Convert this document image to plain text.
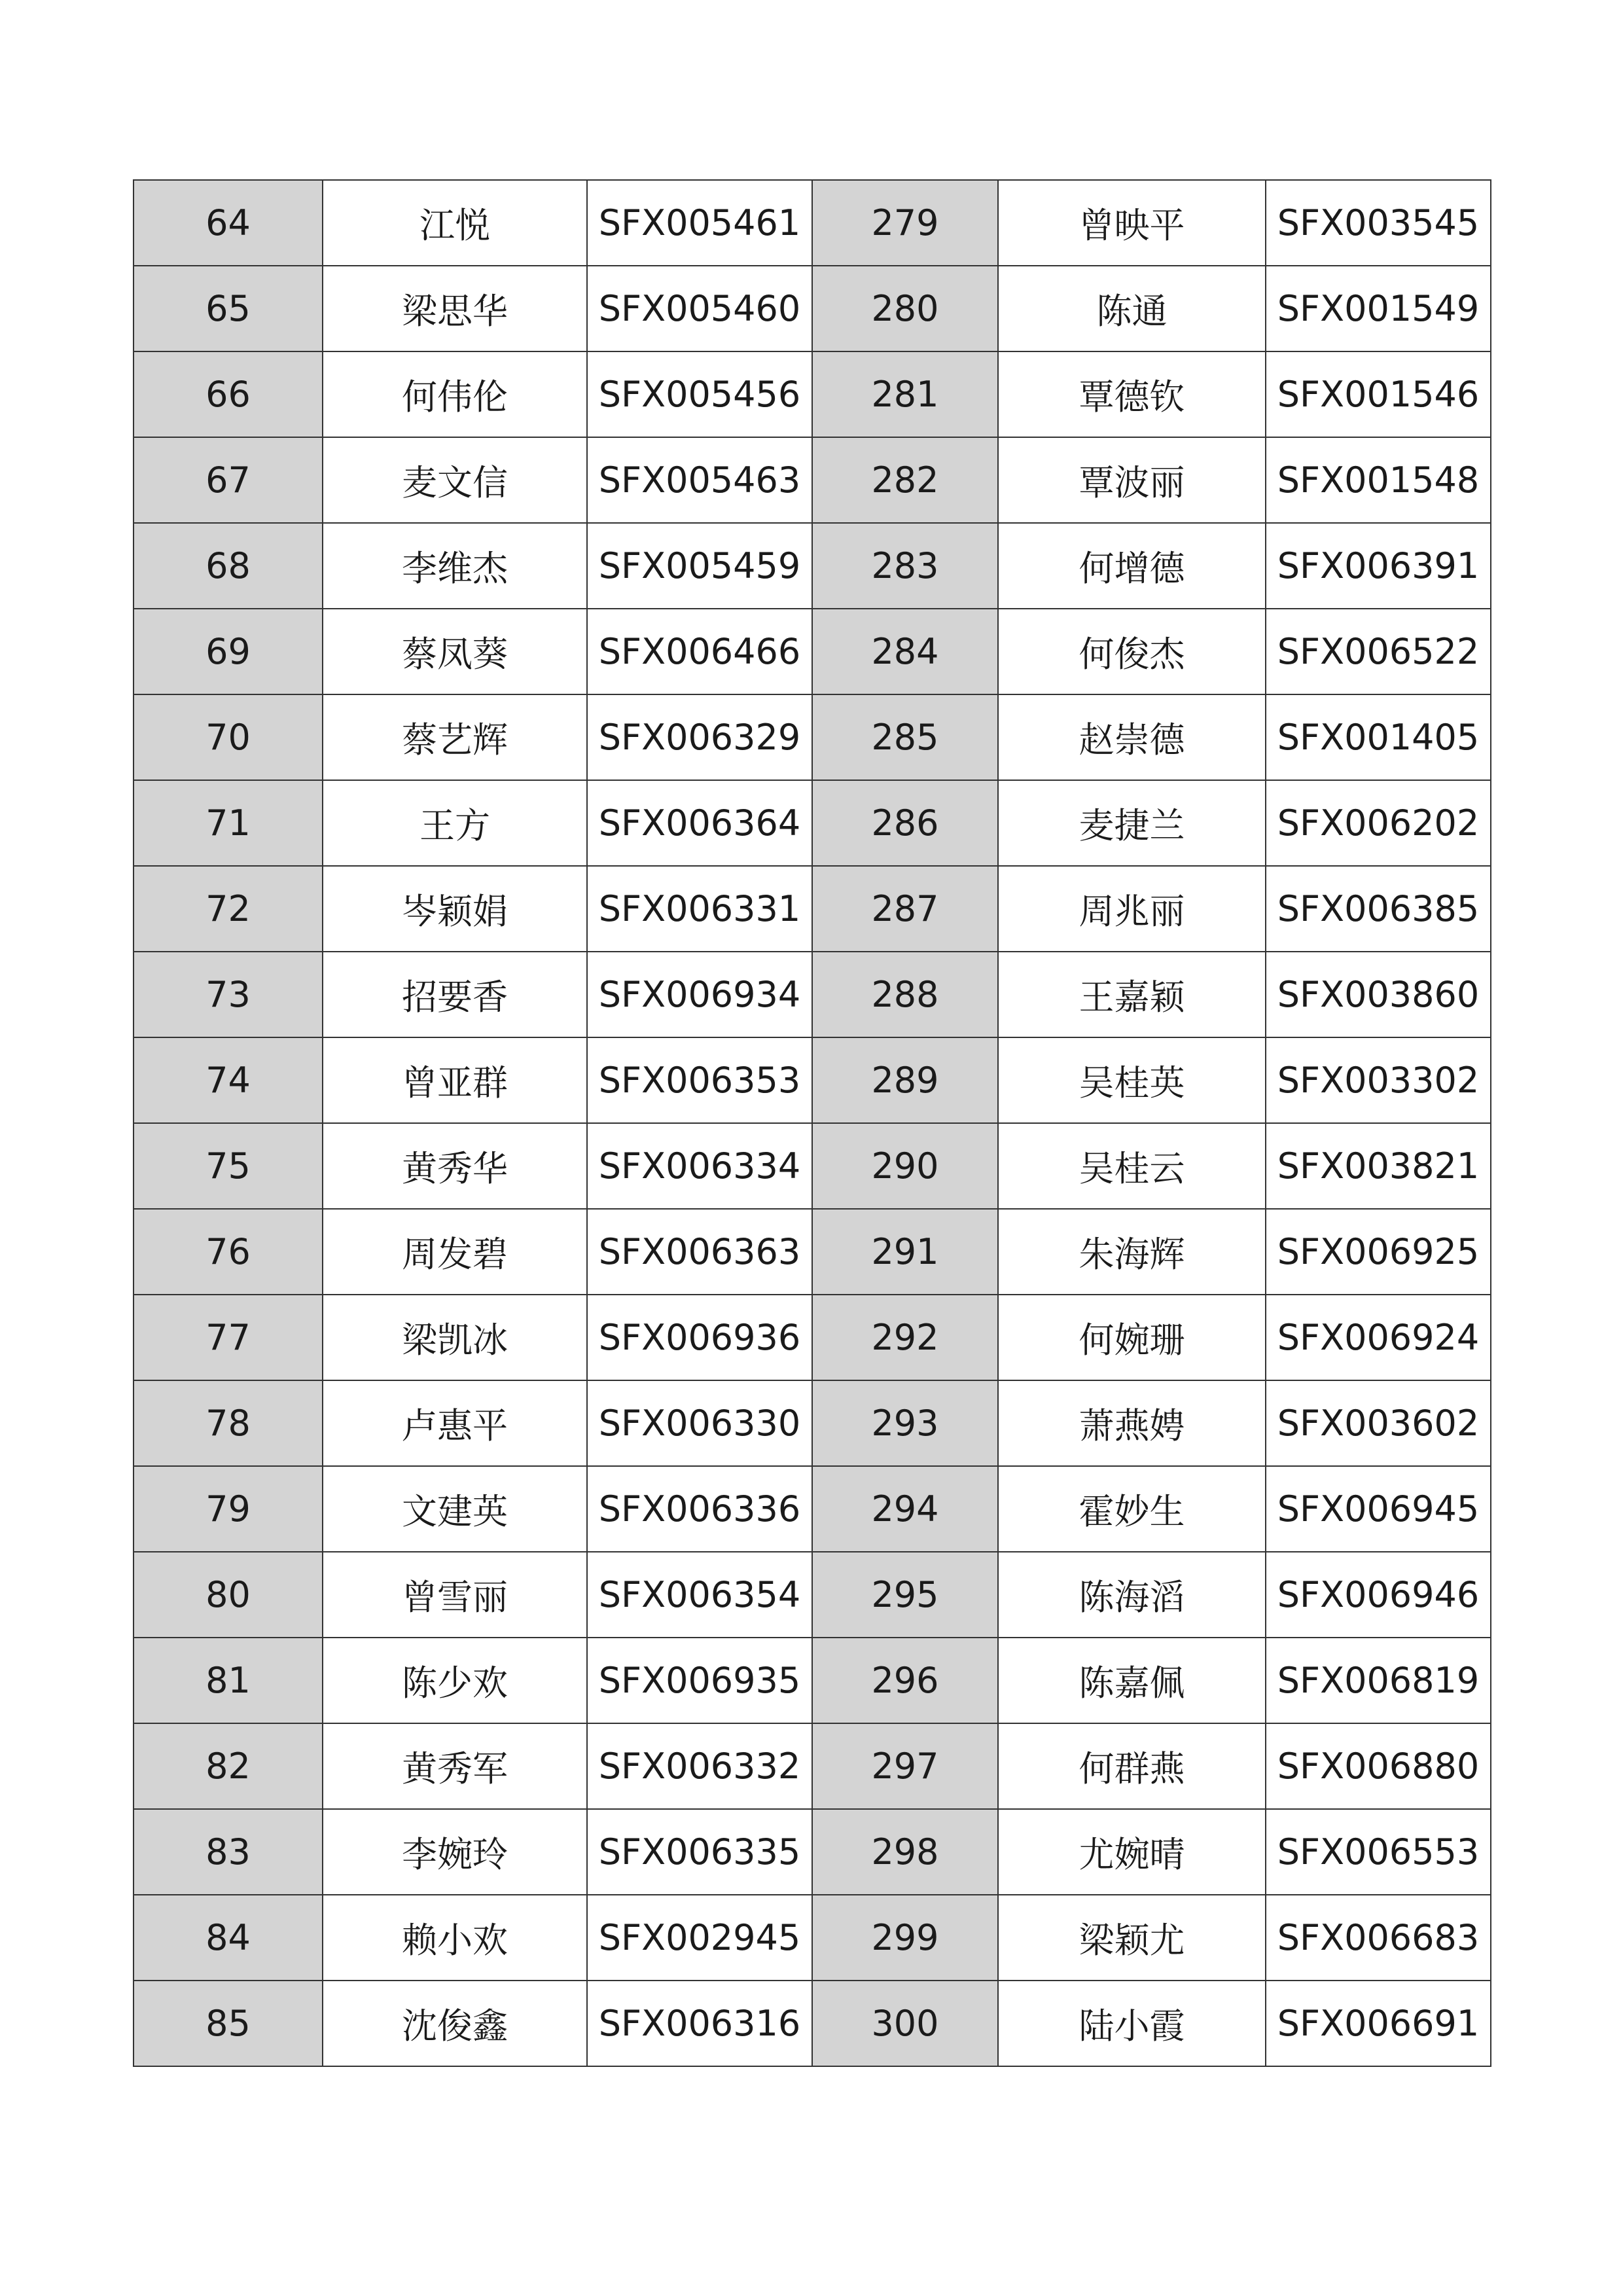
64	江悦	SFX005461	279	曾映平	SFX003545
65	梁思华	SFX005460	280	陈通	SFX001549
66	何伟伦	SFX005456	281	覃德钦	SFX001546
67	麦文信	SFX005463	282	覃波丽	SFX001548
68	李维杰	SFX005459	283	何增德	SFX006391
69	蔡凤葵	SFX006466	284	何俊杰	SFX006522
70	蔡艺辉	SFX006329	285	赵崇德	SFX001405
71	王方	SFX006364	286	麦捷兰	SFX006202
72	岑颖娟	SFX006331	287	周兆丽	SFX006385
73	招要香	SFX006934	288	王嘉颖	SFX003860
74	曾亚群	SFX006353	289	吴桂英	SFX003302
75	黄秀华	SFX006334	290	吴桂云	SFX003821
76	周发碧	SFX006363	291	朱海辉	SFX006925
77	梁凯冰	SFX006936	292	何婉珊	SFX006924
78	卢惠平	SFX006330	293	萧燕娉	SFX003602
79	文建英	SFX006336	294	霍妙生	SFX006945
80	曾雪丽	SFX006354	295	陈海滔	SFX006946
81	陈少欢	SFX006935	296	陈嘉佩	SFX006819
82	黄秀军	SFX006332	297	何群燕	SFX006880
83	李婉玲	SFX006335	298	尤婉晴	SFX006553
84	赖小欢	SFX002945	299	梁颖尤	SFX006683
85	沈俊鑫	SFX006316	300	陆小霞	SFX006691
